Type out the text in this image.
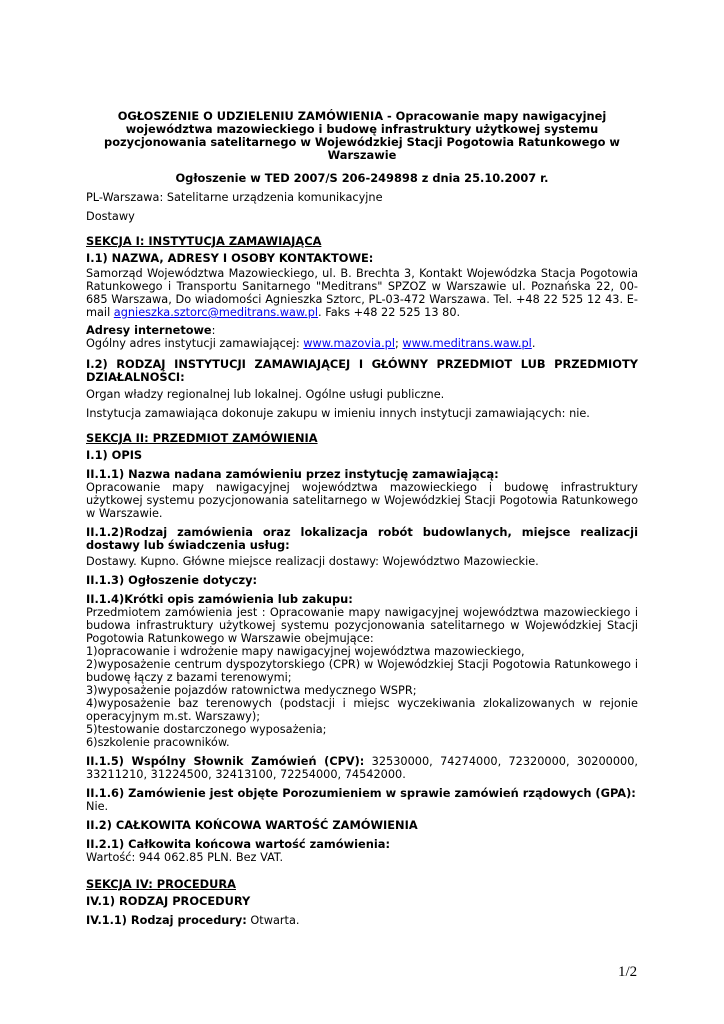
OGŁOSZENIE O UDZIELENIU ZAMÓWIENIA - Opracowanie mapy nawigacyjnej województwa mazowieckiego i budowę infrastruktury użytkowej systemu pozycjonowania satelitarnego w Wojewódzkiej Stacji Pogotowia Ratunkowego w Warszawie
Ogłoszenie w TED 2007/S 206-249898 z dnia 25.10.2007 r.

PL-Warszawa: Satelitarne urządzenia komunikacyjne

Dostawy

SEKCJA I: INSTYTUCJA ZAMAWIAJĄCA
I.1) NAZWA, ADRESY I OSOBY KONTAKTOWE:

Samorząd Województwa Mazowieckiego, ul. B. Brechta 3, Kontakt Wojewódzka Stacja Pogotowia Ratunkowego i Transportu Sanitarnego "Meditrans" SPZOZ w Warszawie ul. Poznańska 22, 00-685 Warszawa, Do wiadomości Agnieszka Sztorc, PL-03-472 Warszawa. Tel. +48 22 525 12 43. E-mail agnieszka.sztorc@meditrans.waw.pl. Faks +48 22 525 13 80.

Adresy internetowe:

Ogólny adres instytucji zamawiającej: www.mazovia.pl; www.meditrans.waw.pl.

I.2) RODZAJ INSTYTUCJI ZAMAWIAJĄCEJ I GŁÓWNY PRZEDMIOT LUB PRZEDMIOTY DZIAŁALNOŚCI:

Organ władzy regionalnej lub lokalnej. Ogólne usługi publiczne.

Instytucja zamawiająca dokonuje zakupu w imieniu innych instytucji zamawiających: nie.

SEKCJA II: PRZEDMIOT ZAMÓWIENIA
I.1) OPIS
II.1.1) Nazwa nadana zamówieniu przez instytucję zamawiającą:

Opracowanie mapy nawigacyjnej województwa mazowieckiego i budowę infrastruktury użytkowej systemu pozycjonowania satelitarnego w Wojewódzkiej Stacji Pogotowia Ratunkowego w Warszawie.

II.1.2)Rodzaj zamówienia oraz lokalizacja robót budowlanych, miejsce realizacji dostawy lub świadczenia usług:

Dostawy. Kupno. Główne miejsce realizacji dostawy: Województwo Mazowieckie.

II.1.3) Ogłoszenie dotyczy:
II.1.4)Krótki opis zamówienia lub zakupu:

Przedmiotem zamówienia jest : Opracowanie mapy nawigacyjnej województwa mazowieckiego i budowa infrastruktury użytkowej systemu pozycjonowania satelitarnego w Wojewódzkiej Stacji Pogotowia Ratunkowego w Warszawie obejmujące:

1)opracowanie i wdrożenie mapy nawigacyjnej województwa mazowieckiego,

2)wyposażenie centrum dyspozytorskiego (CPR) w Wojewódzkiej Stacji Pogotowia Ratunkowego i budowę łączy z bazami terenowymi;

3)wyposażenie pojazdów ratownictwa medycznego WSPR;

4)wyposażenie baz terenowych (podstacji i miejsc wyczekiwania zlokalizowanych w rejonie operacyjnym m.st. Warszawy);

5)testowanie dostarczonego wyposażenia;

6)szkolenie pracowników.

II.1.5) Wspólny Słownik Zamówień (CPV): 32530000, 74274000, 72320000, 30200000, 33211210, 31224500, 32413100, 72254000, 74542000.

II.1.6) Zamówienie jest objęte Porozumieniem w sprawie zamówień rządowych (GPA):

Nie.

II.2) CAŁKOWITA KOŃCOWA WARTOŚĆ ZAMÓWIENIA
II.2.1) Całkowita końcowa wartość zamówienia:

Wartość: 944 062.85 PLN. Bez VAT.

SEKCJA IV: PROCEDURA
IV.1) RODZAJ PROCEDURY

IV.1.1) Rodzaj procedury: Otwarta.

1/2
